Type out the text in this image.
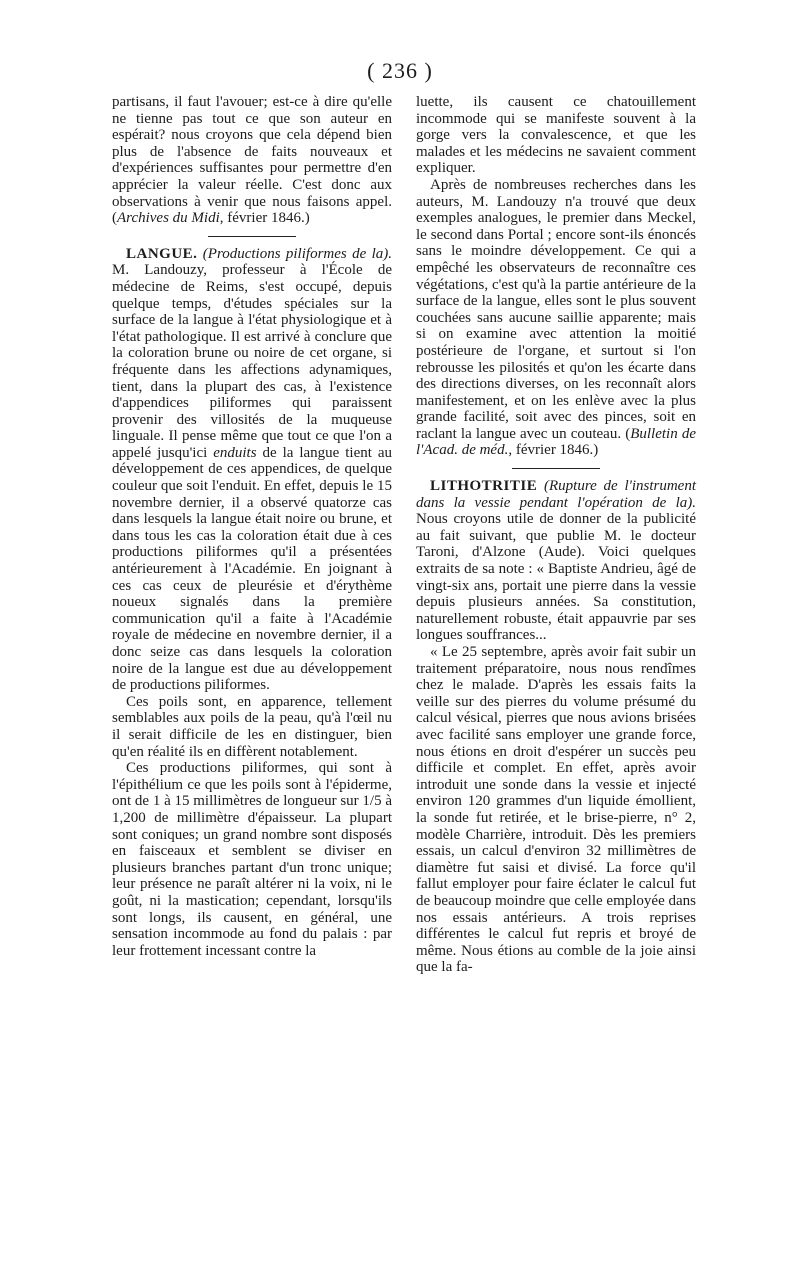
( 236 )

partisans, il faut l'avouer; est-ce à dire qu'elle ne tienne pas tout ce que son auteur en espérait? nous croyons que cela dépend bien plus de l'absence de faits nouveaux et d'expériences suffisantes pour permettre d'en apprécier la valeur réelle. C'est donc aux observations à venir que nous faisons appel. (Archives du Midi, février 1846.)

LANGUE. (Productions piliformes de la). M. Landouzy, professeur à l'École de médecine de Reims, s'est occupé, depuis quelque temps, d'études spéciales sur la surface de la langue à l'état physiologique et à l'état pathologique. Il est arrivé à conclure que la coloration brune ou noire de cet organe, si fréquente dans les affections adynamiques, tient, dans la plupart des cas, à l'existence d'appendices piliformes qui paraissent provenir des villosités de la muqueuse linguale. Il pense même que tout ce que l'on a appelé jusqu'ici enduits de la langue tient au développement de ces appendices, de quelque couleur que soit l'enduit. En effet, depuis le 15 novembre dernier, il a observé quatorze cas dans lesquels la langue était noire ou brune, et dans tous les cas la coloration était due à ces productions piliformes qu'il a présentées antérieurement à l'Académie. En joignant à ces cas ceux de pleurésie et d'érythème noueux signalés dans la première communication qu'il a faite à l'Académie royale de médecine en novembre dernier, il a donc seize cas dans lesquels la coloration noire de la langue est due au développement de productions piliformes.

Ces poils sont, en apparence, tellement semblables aux poils de la peau, qu'à l'œil nu il serait difficile de les en distinguer, bien qu'en réalité ils en diffèrent notablement.

Ces productions piliformes, qui sont à l'épithélium ce que les poils sont à l'épiderme, ont de 1 à 15 millimètres de longueur sur 1/5 à 1,200 de millimètre d'épaisseur. La plupart sont coniques; un grand nombre sont disposés en faisceaux et semblent se diviser en plusieurs branches partant d'un tronc unique; leur présence ne paraît altérer ni la voix, ni le goût, ni la mastication; cependant, lorsqu'ils sont longs, ils causent, en général, une sensation incommode au fond du palais : par leur frottement incessant contre la

luette, ils causent ce chatouillement incommode qui se manifeste souvent à la gorge vers la convalescence, et que les malades et les médecins ne savaient comment expliquer.

Après de nombreuses recherches dans les auteurs, M. Landouzy n'a trouvé que deux exemples analogues, le premier dans Meckel, le second dans Portal ; encore sont-ils énoncés sans le moindre développement. Ce qui a empêché les observateurs de reconnaître ces végétations, c'est qu'à la partie antérieure de la surface de la langue, elles sont le plus souvent couchées sans aucune saillie apparente; mais si on examine avec attention la moitié postérieure de l'organe, et surtout si l'on rebrousse les pilosités et qu'on les écarte dans des directions diverses, on les reconnaît alors manifestement, et on les enlève avec la plus grande facilité, soit avec des pinces, soit en raclant la langue avec un couteau. (Bulletin de l'Acad. de méd., février 1846.)

LITHOTRITIE (Rupture de l'instrument dans la vessie pendant l'opération de la). Nous croyons utile de donner de la publicité au fait suivant, que publie M. le docteur Taroni, d'Alzone (Aude). Voici quelques extraits de sa note : « Baptiste Andrieu, âgé de vingt-six ans, portait une pierre dans la vessie depuis plusieurs années. Sa constitution, naturellement robuste, était appauvrie par ses longues souffrances...

« Le 25 septembre, après avoir fait subir un traitement préparatoire, nous nous rendîmes chez le malade. D'après les essais faits la veille sur des pierres du volume présumé du calcul vésical, pierres que nous avions brisées avec facilité sans employer une grande force, nous étions en droit d'espérer un succès peu difficile et complet. En effet, après avoir introduit une sonde dans la vessie et injecté environ 120 grammes d'un liquide émollient, la sonde fut retirée, et le brise-pierre, n° 2, modèle Charrière, introduit. Dès les premiers essais, un calcul d'environ 32 millimètres de diamètre fut saisi et divisé. La force qu'il fallut employer pour faire éclater le calcul fut de beaucoup moindre que celle employée dans nos essais antérieurs. A trois reprises différentes le calcul fut repris et broyé de même. Nous étions au comble de la joie ainsi que la fa-
